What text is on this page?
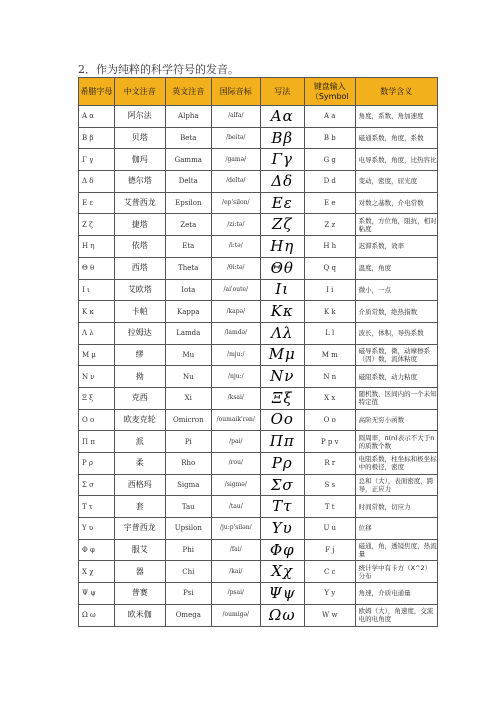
2．作为纯粹的科学符号的发音。
希腊字母	中文注音	英文注音	国际音标	写法	键盘输入（Symbol	数学含义
Α α	阿尔法	Alpha	/alfa/	Aα	A a	角度，系数，角加速度
Β β	贝塔	Beta	/beitə/	Bβ	B b	磁通系数，角度，系数
Γ γ	伽玛	Gamma	/gamə/	Γγ	G g	电导系数，角度，比热容比
Δ δ	德尔塔	Delta	/deltə/	Δδ	D d	变动，密度，屈光度
Ε ε	艾普西龙	Epsilon	/ep'silon/	Εε	E e	对数之基数，介电常数
Ζ ζ	捷塔	Zeta	/zi:tə/	Ζζ	Z z	系数，方位角，阻抗，相对粘度
Η η	依塔	Eta	/i:tə/	Ηη	H h	迟滞系数，效率
Θ θ	西塔	Theta	/θi:tə/	Θθ	Q q	温度，角度
Ι ι	艾欧塔	Iota	/ai'oute/	Ιι	I i	微小，一点
Κ κ	卡帕	Kappa	/kapə/	Κκ	K k	介质常数，绝热指数
Λ λ	拉姆达	Lamda	/lamdə/	Λλ	L l	波长，体积，导热系数
Μ μ	缪	Mu	/mju:/	Μμ	M m	磁导系数，微，动摩擦系（因）数，流体粘度
Ν ν	拗	Nu	/nju:/	Νν	N n	磁阻系数，动力粘度
Ξ ξ	克西	Xi	/ksai/	Ξξ	X x	随机数，区间内的一个未知特定值
Ο ο	欧麦克轮	Omicron	/oumaik'rən/	Οο	O o	高阶无穷小函数
Π π	派	Pi	/pai/	Ππ	P p v	圆周率，π(n)表示不大于n的质数个数
Ρ ρ	柔	Rho	/rou/	Ρρ	R r	电阻系数，柱坐标和极坐标中的极径，密度
Σ σ	西格玛	Sigma	/sigmə/	Σσ	S s	总和（大），表面密度，跨导，正应力
Τ τ	套	Tau	/tau/	Ττ	T t	时间常数，切应力
Υ υ	宇普西龙	Upsilon	/ju:p'silən/	Υυ	U u	位移
Φ φ	服艾	Phi	/fai/	Φφ	F j	磁通，角，透镜焦度，热流量
Χ χ	器	Chi	/kai/	Χχ	C c	统计学中有卡方（X^2）分布
Ψ ψ	普赛	Psi	/psai/	Ψψ	Y y	角速，介质电通量
Ω ω	欧米伽	Omega	/oumigə/	Ωω	W w	欧姆（大），角速度，交流电的电角度
